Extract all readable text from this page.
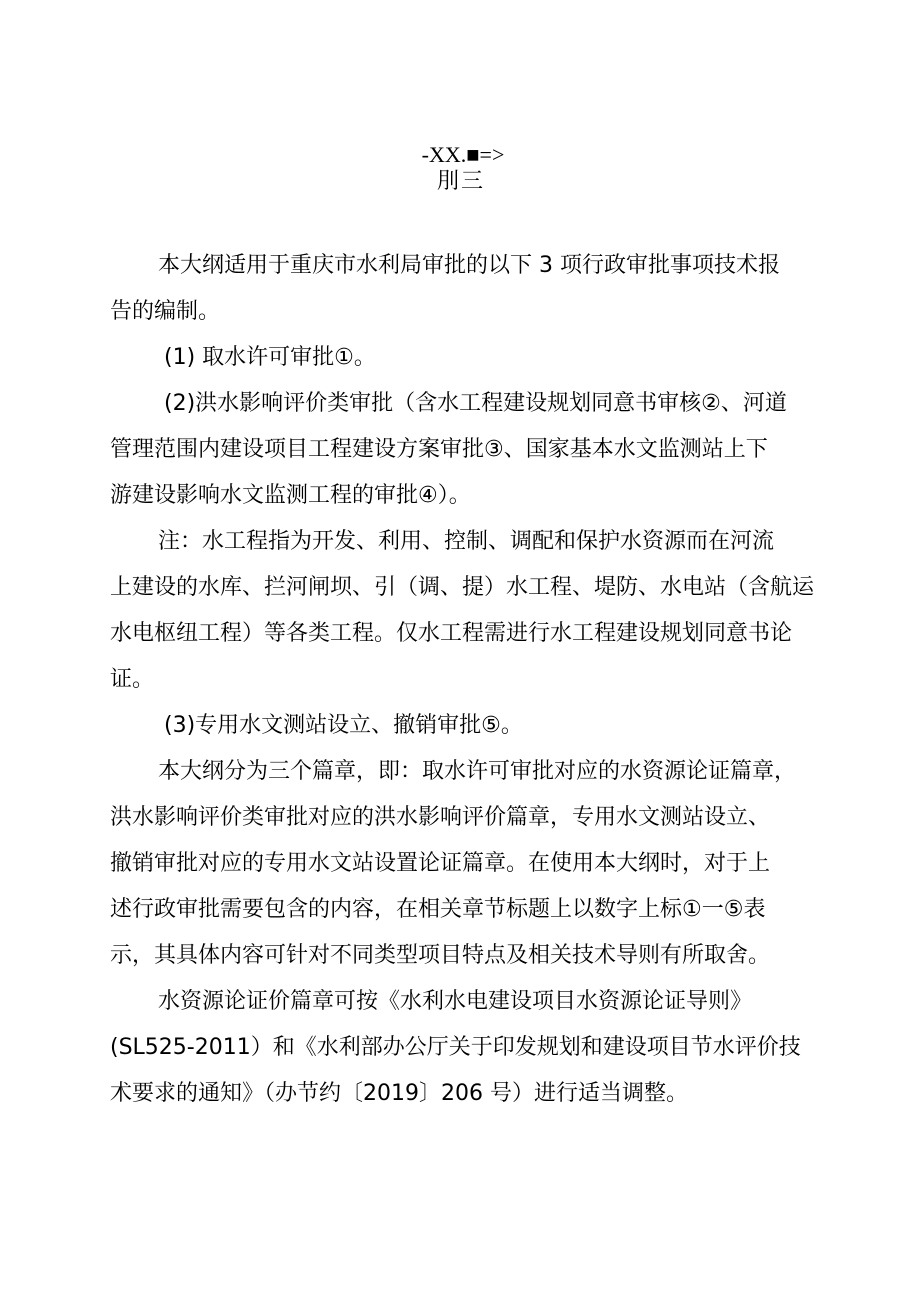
-XX.■=>
刖三
本大纲适用于重庆市水利局审批的以下 3 项行政审批事项技术报
告的编制。
(1) 取水许可审批①。
(2)洪水影响评价类审批（含水工程建设规划同意书审核②、河道
管理范围内建设项目工程建设方案审批③、国家基本水文监测站上下
游建设影响水文监测工程的审批④）。
注：水工程指为开发、利用、控制、调配和保护水资源而在河流
上建设的水库、拦河闸坝、引（调、提）水工程、堤防、水电站（含航运
水电枢纽工程）等各类工程。仅水工程需进行水工程建设规划同意书论
证。
(3)专用水文测站设立、撤销审批⑤。
本大纲分为三个篇章，即：取水许可审批对应的水资源论证篇章，
洪水影响评价类审批对应的洪水影响评价篇章，专用水文测站设立、
撤销审批对应的专用水文站设置论证篇章。在使用本大纲时，对于上
述行政审批需要包含的内容，在相关章节标题上以数字上标①一⑤表
示，其具体内容可针对不同类型项目特点及相关技术导则有所取舍。
水资源论证价篇章可按《水利水电建设项目水资源论证导则》
(SL525-2011）和《水利部办公厅关于印发规划和建设项目节水评价技
术要求的通知》（办节约〔2019〕206 号）进行适当调整。
